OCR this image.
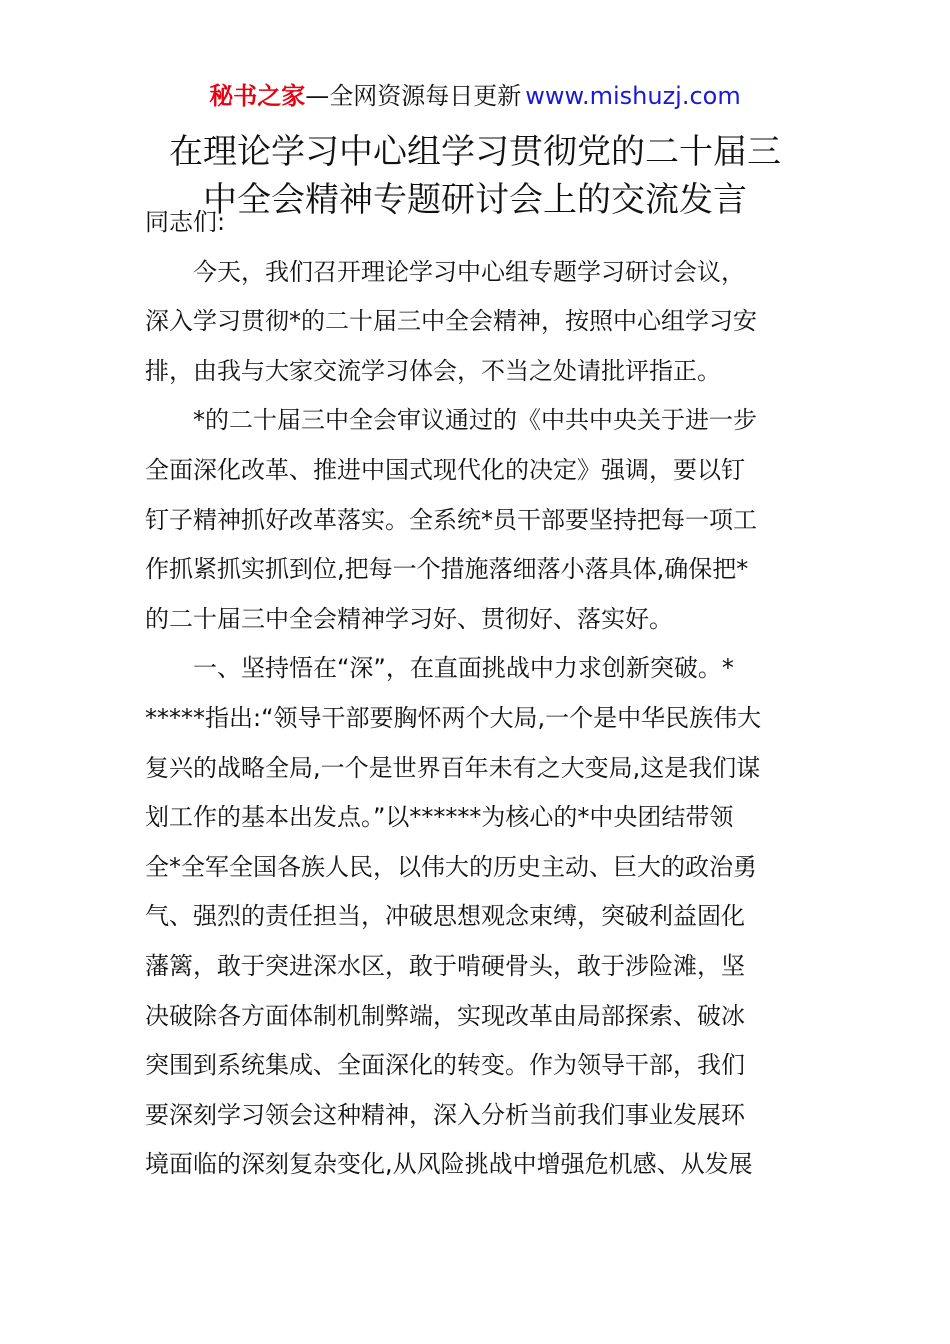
秘书之家—全网资源每日更新 www.mishuzj.com
在理论学习中心组学习贯彻党的二十届三
中全会精神专题研讨会上的交流发言
同志们:
　　今天，我们召开理论学习中心组专题学习研讨会议，
深入学习贯彻*的二十届三中全会精神，按照中心组学习安
排，由我与大家交流学习体会，不当之处请批评指正。
　　*的二十届三中全会审议通过的《中共中央关于进一步
全面深化改革、推进中国式现代化的决定》强调，要以钉
钉子精神抓好改革落实。全系统*员干部要坚持把每一项工
作抓紧抓实抓到位,把每一个措施落细落小落具体,确保把*
的二十届三中全会精神学习好、贯彻好、落实好。
　　一、坚持悟在“深”，在直面挑战中力求创新突破。*
*****指出:“领导干部要胸怀两个大局,一个是中华民族伟大
复兴的战略全局,一个是世界百年未有之大变局,这是我们谋
划工作的基本出发点。”以******为核心的*中央团结带领
全*全军全国各族人民，以伟大的历史主动、巨大的政治勇
气、强烈的责任担当，冲破思想观念束缚，突破利益固化
藩篱，敢于突进深水区，敢于啃硬骨头，敢于涉险滩，坚
决破除各方面体制机制弊端，实现改革由局部探索、破冰
突围到系统集成、全面深化的转变。作为领导干部，我们
要深刻学习领会这种精神，深入分析当前我们事业发展环
境面临的深刻复杂变化,从风险挑战中增强危机感、从发展
